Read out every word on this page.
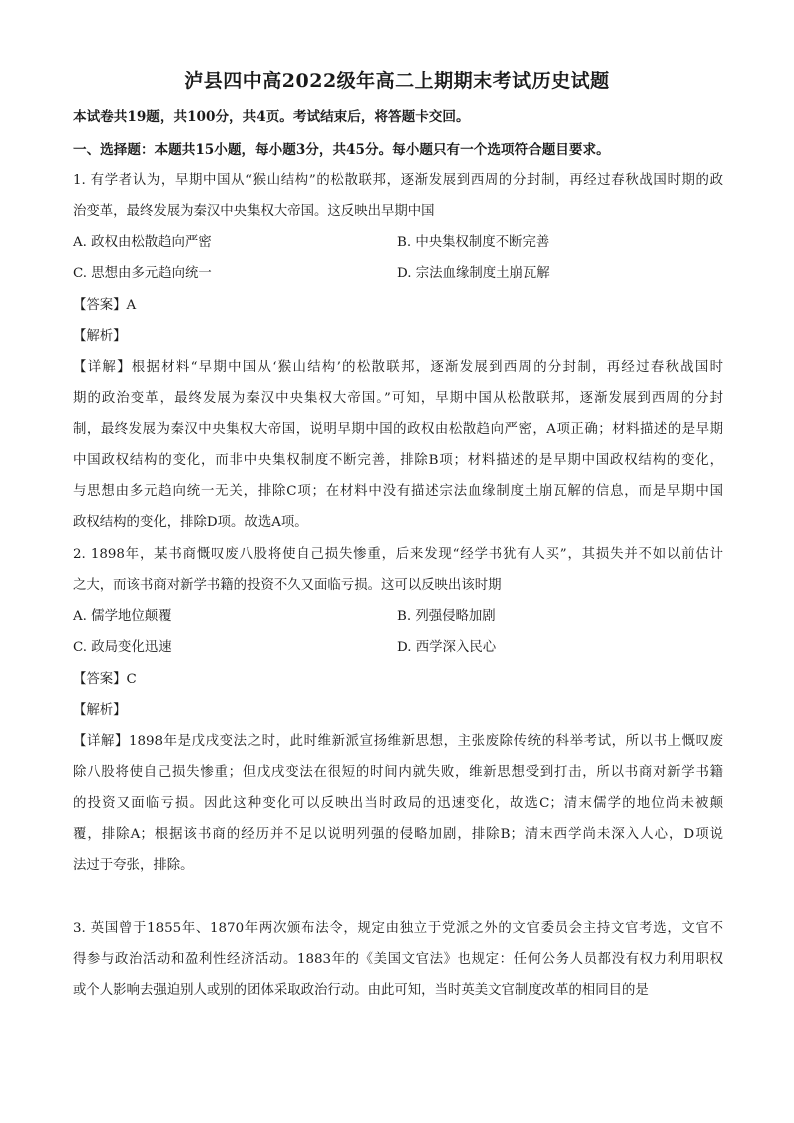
泸县四中高2022级年高二上期期末考试历史试题
本试卷共19题，共100分，共4页。考试结束后，将答题卡交回。
一、选择题：本题共15小题，每小题3分，共45分。每小题只有一个选项符合题目要求。
1. 有学者认为，早期中国从“猴山结构”的松散联邦，逐渐发展到西周的分封制，再经过春秋战国时期的政
治变革，最终发展为秦汉中央集权大帝国。这反映出早期中国
A. 政权由松散趋向严密	B. 中央集权制度不断完善
C. 思想由多元趋向统一	D. 宗法血缘制度土崩瓦解
【答案】A
【解析】
【详解】根据材料“早期中国从‘猴山结构’的松散联邦，逐渐发展到西周的分封制，再经过春秋战国时
期的政治变革，最终发展为秦汉中央集权大帝国。”可知，早期中国从松散联邦，逐渐发展到西周的分封
制，最终发展为秦汉中央集权大帝国，说明早期中国的政权由松散趋向严密，A项正确；材料描述的是早期
中国政权结构的变化，而非中央集权制度不断完善，排除B项；材料描述的是早期中国政权结构的变化，
与思想由多元趋向统一无关，排除C项；在材料中没有描述宗法血缘制度土崩瓦解的信息，而是早期中国
政权结构的变化，排除D项。故选A项。
2. 1898年，某书商慨叹废八股将使自己损失惨重，后来发现“经学书犹有人买”，其损失并不如以前估计
之大，而该书商对新学书籍的投资不久又面临亏损。这可以反映出该时期
A. 儒学地位颠覆	B. 列强侵略加剧
C. 政局变化迅速	D. 西学深入民心
【答案】C
【解析】
【详解】1898年是戊戌变法之时，此时维新派宣扬维新思想，主张废除传统的科举考试，所以书上慨叹废
除八股将使自己损失惨重；但戊戌变法在很短的时间内就失败，维新思想受到打击，所以书商对新学书籍
的投资又面临亏损。因此这种变化可以反映出当时政局的迅速变化，故选C；清末儒学的地位尚未被颠
覆，排除A；根据该书商的经历并不足以说明列强的侵略加剧，排除B；清末西学尚未深入人心，D项说
法过于夸张，排除。
3. 英国曾于1855年、1870年两次颁布法令，规定由独立于党派之外的文官委员会主持文官考选，文官不
得参与政治活动和盈利性经济活动。1883年的《美国文官法》也规定：任何公务人员都没有权力利用职权
或个人影响去强迫别人或别的团体采取政治行动。由此可知，当时英美文官制度改革的相同目的是
